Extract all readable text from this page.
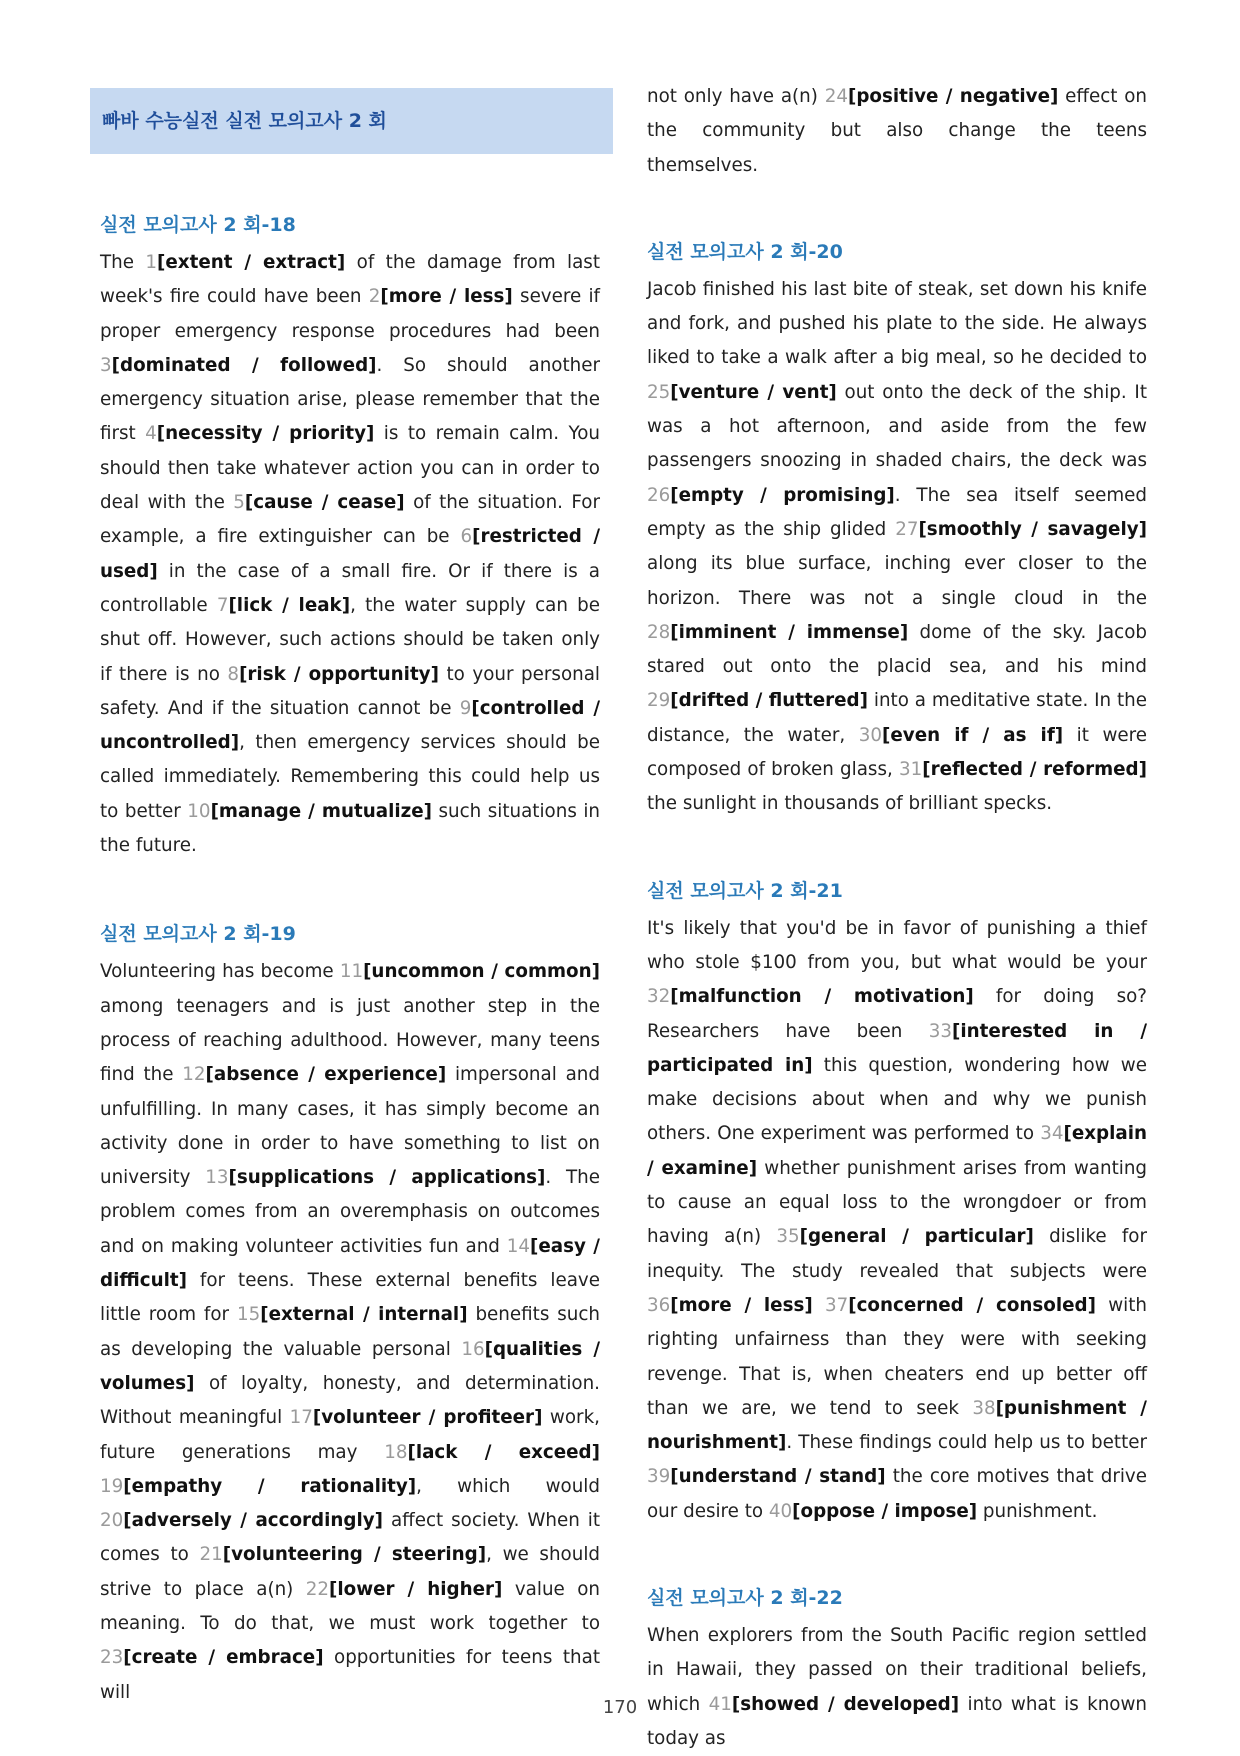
빠바 수능실전 실전 모의고사 2 회
실전 모의고사 2 회-18

The 1[extent / extract] of the damage from last week's fire could have been 2[more / less] severe if proper emergency response procedures had been 3[dominated / followed]. So should another emergency situation arise, please remember that the first 4[necessity / priority] is to remain calm. You should then take whatever action you can in order to deal with the 5[cause / cease] of the situation. For example, a fire extinguisher can be 6[restricted / used] in the case of a small fire. Or if there is a controllable 7[lick / leak], the water supply can be shut off. However, such actions should be taken only if there is no 8[risk / opportunity] to your personal safety. And if the situation cannot be 9[controlled / uncontrolled], then emergency services should be called immediately. Remembering this could help us to better 10[manage / mutualize] such situations in the future.

실전 모의고사 2 회-19

Volunteering has become 11[uncommon / common] among teenagers and is just another step in the process of reaching adulthood. However, many teens find the 12[absence / experience] impersonal and unfulfilling. In many cases, it has simply become an activity done in order to have something to list on university 13[supplications / applications]. The problem comes from an overemphasis on outcomes and on making volunteer activities fun and 14[easy / difficult] for teens. These external benefits leave little room for 15[external / internal] benefits such as developing the valuable personal 16[qualities / volumes] of loyalty, honesty, and determination. Without meaningful 17[volunteer / profiteer] work, future generations may 18[lack / exceed] 19[empathy / rationality], which would 20[adversely / accordingly] affect society. When it comes to 21[volunteering / steering], we should strive to place a(n) 22[lower / higher] value on meaning. To do that, we must work together to 23[create / embrace] opportunities for teens that will

not only have a(n) 24[positive / negative] effect on the community but also change the teens themselves.

실전 모의고사 2 회-20

Jacob finished his last bite of steak, set down his knife and fork, and pushed his plate to the side. He always liked to take a walk after a big meal, so he decided to 25[venture / vent] out onto the deck of the ship. It was a hot afternoon, and aside from the few passengers snoozing in shaded chairs, the deck was 26[empty / promising]. The sea itself seemed empty as the ship glided 27[smoothly / savagely] along its blue surface, inching ever closer to the horizon. There was not a single cloud in the 28[imminent / immense] dome of the sky. Jacob stared out onto the placid sea, and his mind 29[drifted / fluttered] into a meditative state. In the distance, the water, 30[even if / as if] it were composed of broken glass, 31[reflected / reformed] the sunlight in thousands of brilliant specks.

실전 모의고사 2 회-21

It's likely that you'd be in favor of punishing a thief who stole $100 from you, but what would be your 32[malfunction / motivation] for doing so? Researchers have been 33[interested in / participated in] this question, wondering how we make decisions about when and why we punish others. One experiment was performed to 34[explain / examine] whether punishment arises from wanting to cause an equal loss to the wrongdoer or from having a(n) 35[general / particular] dislike for inequity. The study revealed that subjects were 36[more / less] 37[concerned / consoled] with righting unfairness than they were with seeking revenge. That is, when cheaters end up better off than we are, we tend to seek 38[punishment / nourishment]. These findings could help us to better 39[understand / stand] the core motives that drive our desire to 40[oppose / impose] punishment.

실전 모의고사 2 회-22

When explorers from the South Pacific region settled in Hawaii, they passed on their traditional beliefs, which 41[showed / developed] into what is known today as

170
